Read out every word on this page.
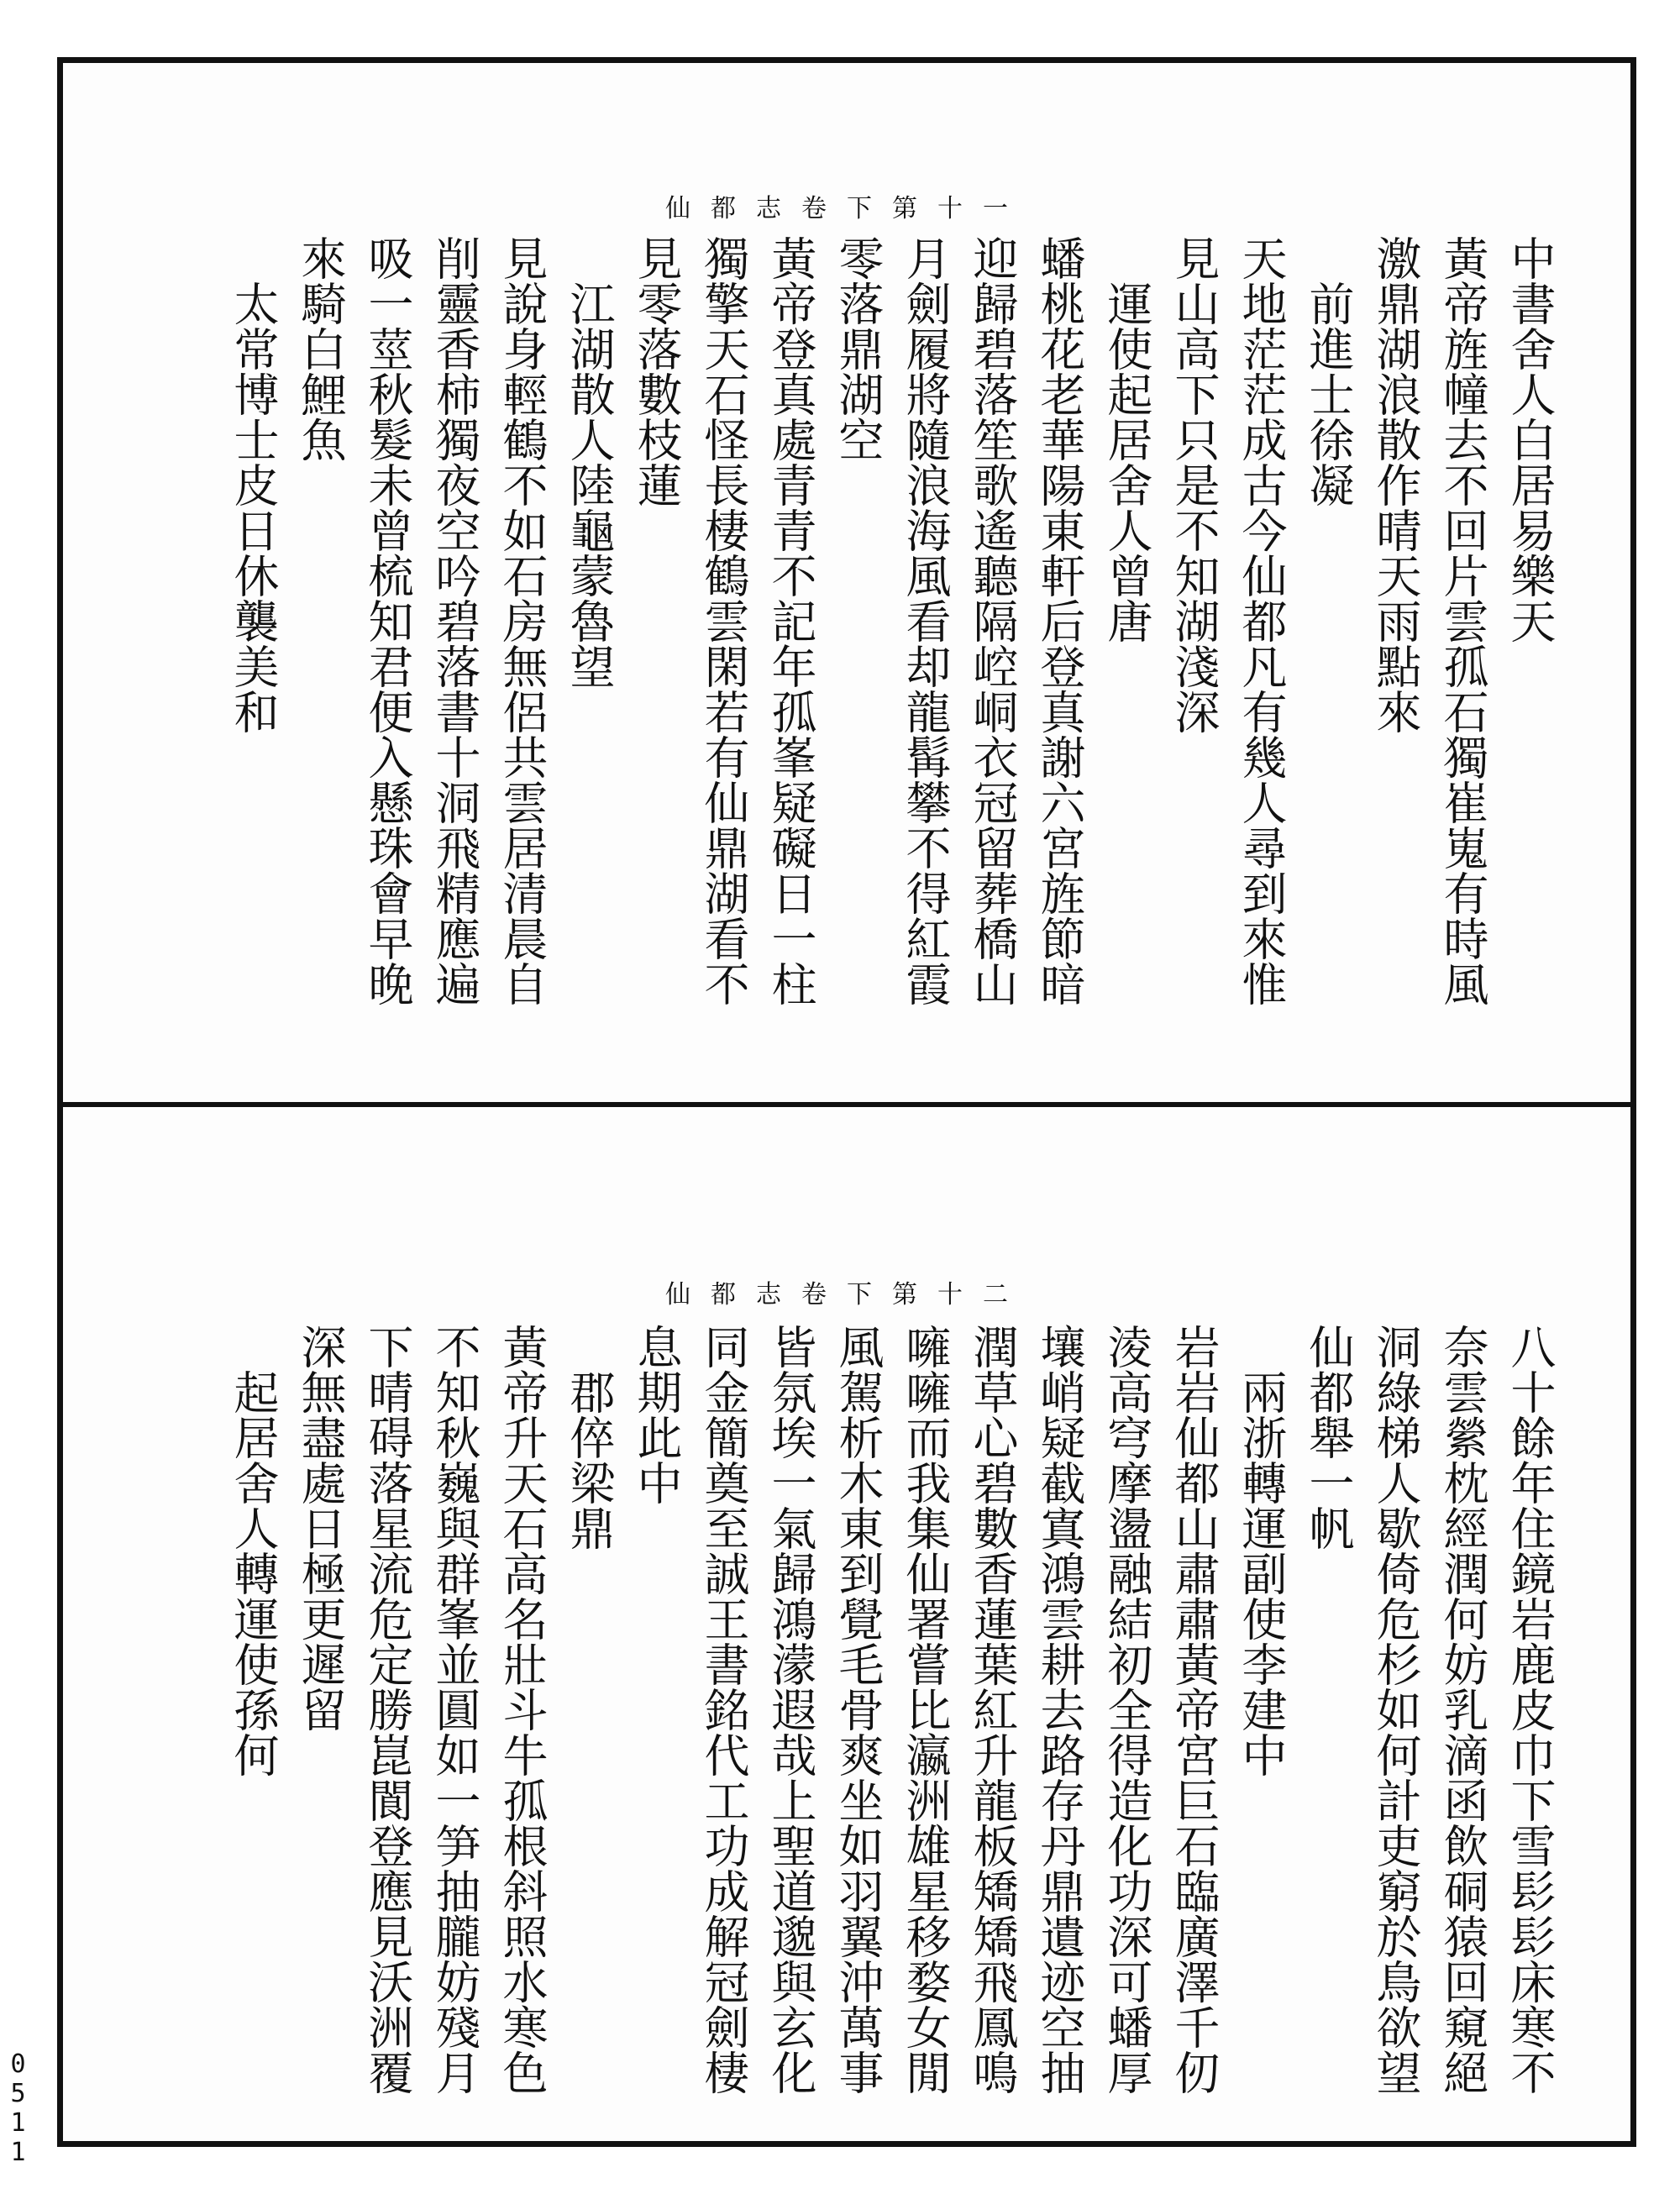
仙都志卷下第十一
中書舍人白居易樂天
黃帝旌幢去不回片雲孤石獨崔嵬有時風
激鼎湖浪散作晴天雨點來
　前進士徐凝
天地茫茫成古今仙都凡有幾人尋到來惟
見山高下只是不知湖淺深
　運使起居舍人曾唐
蟠桃花老華陽東軒后登真謝六宮旌節暗
迎歸碧落笙歌遙聽隔崆峒衣冠留葬橋山
月劍履將隨浪海風看却龍髯攀不得紅霞
零落鼎湖空
黃帝登真處青青不記年孤峯疑礙日一柱
獨擎天石怪長棲鶴雲閑若有仙鼎湖看不
見零落數枝蓮
　江湖散人陸龜蒙魯望
見說身輕鶴不如石房無侶共雲居清晨自
削靈香柿獨夜空吟碧落書十洞飛精應遍
吸一莖秋髮未曾梳知君便入懸珠會早晚
來騎白鯉魚
　太常博士皮日休襲美和
仙都志卷下第十二
八十餘年住鏡岩鹿皮巾下雪髟髟床寒不
奈雲縈枕經潤何妨乳滴函飲硐猿回窺絕
洞綠梯人歇倚危杉如何計吏窮於鳥欲望
仙都舉一帆
　兩浙轉運副使李建中
岩岩仙都山肅肅黃帝宮巨石臨廣澤千仞
淩高穹摩盪融結初全得造化功深可蟠厚
壤峭疑截寘鴻雲耕去路存丹鼎遺迹空抽
潤草心碧數香蓮葉紅升龍板矯矯飛鳳鳴
噰噰而我集仙署嘗比瀛洲雄星移婺女閒
風駕析木東到覺毛骨爽坐如羽翼沖萬事
皆氛埃一氣歸鴻濛遐哉上聖道邈與玄化
同金簡奠至誠王書銘代工功成解冠劍棲
息期此中
　郡倅梁鼎
黃帝升天石高名壯斗牛孤根斜照水寒色
不知秋巍與群峯並圓如一笋抽朧妨殘月
下晴碍落星流危定勝崑閬登應見沃洲覆
深無盡處日極更遲留
　起居舍人轉運使孫何
0511
